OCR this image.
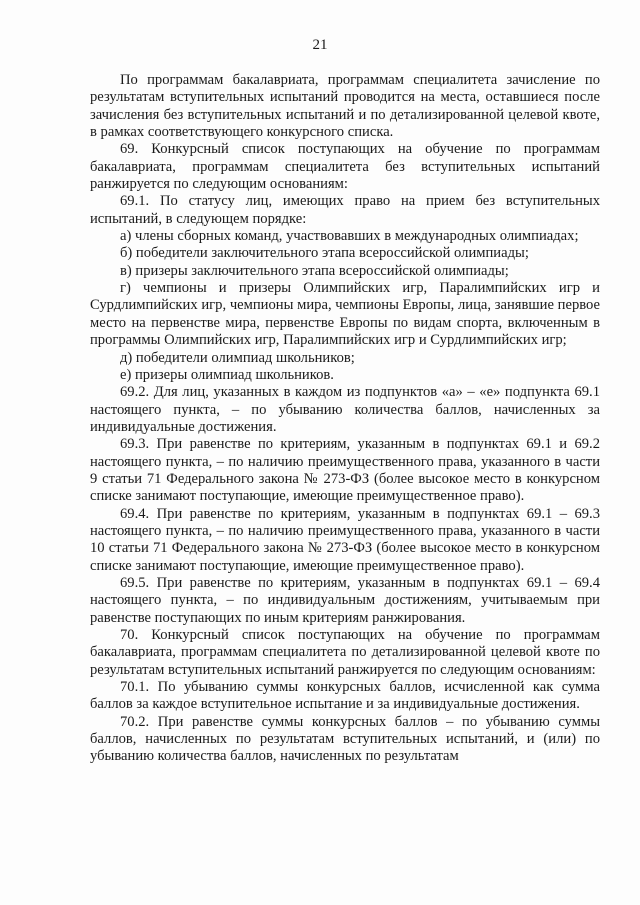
21

По программам бакалавриата, программам специалитета зачисление по результатам вступительных испытаний проводится на места, оставшиеся после зачисления без вступительных испытаний и по детализированной целевой квоте, в рамках соответствующего конкурсного списка.

69. Конкурсный список поступающих на обучение по программам бакалавриата, программам специалитета без вступительных испытаний ранжируется по следующим основаниям:

69.1. По статусу лиц, имеющих право на прием без вступительных испытаний, в следующем порядке:

а) члены сборных команд, участвовавших в международных олимпиадах;

б) победители заключительного этапа всероссийской олимпиады;

в) призеры заключительного этапа всероссийской олимпиады;

г) чемпионы и призеры Олимпийских игр, Паралимпийских игр и Сурдлимпийских игр, чемпионы мира, чемпионы Европы, лица, занявшие первое место на первенстве мира, первенстве Европы по видам спорта, включенным в программы Олимпийских игр, Паралимпийских игр и Сурдлимпийских игр;

д) победители олимпиад школьников;

е) призеры олимпиад школьников.

69.2. Для лиц, указанных в каждом из подпунктов «а» – «е» подпункта 69.1 настоящего пункта, – по убыванию количества баллов, начисленных за индивидуальные достижения.

69.3. При равенстве по критериям, указанным в подпунктах 69.1 и 69.2 настоящего пункта, – по наличию преимущественного права, указанного в части 9 статьи 71 Федерального закона № 273-ФЗ (более высокое место в конкурсном списке занимают поступающие, имеющие преимущественное право).

69.4. При равенстве по критериям, указанным в подпунктах 69.1 – 69.3 настоящего пункта, – по наличию преимущественного права, указанного в части 10 статьи 71 Федерального закона № 273-ФЗ (более высокое место в конкурсном списке занимают поступающие, имеющие преимущественное право).

69.5. При равенстве по критериям, указанным в подпунктах 69.1 – 69.4 настоящего пункта, – по индивидуальным достижениям, учитываемым при равенстве поступающих по иным критериям ранжирования.

70. Конкурсный список поступающих на обучение по программам бакалавриата, программам специалитета по детализированной целевой квоте по результатам вступительных испытаний ранжируется по следующим основаниям:

70.1. По убыванию суммы конкурсных баллов, исчисленной как сумма баллов за каждое вступительное испытание и за индивидуальные достижения.

70.2. При равенстве суммы конкурсных баллов – по убыванию суммы баллов, начисленных по результатам вступительных испытаний, и (или) по убыванию количества баллов, начисленных по результатам
